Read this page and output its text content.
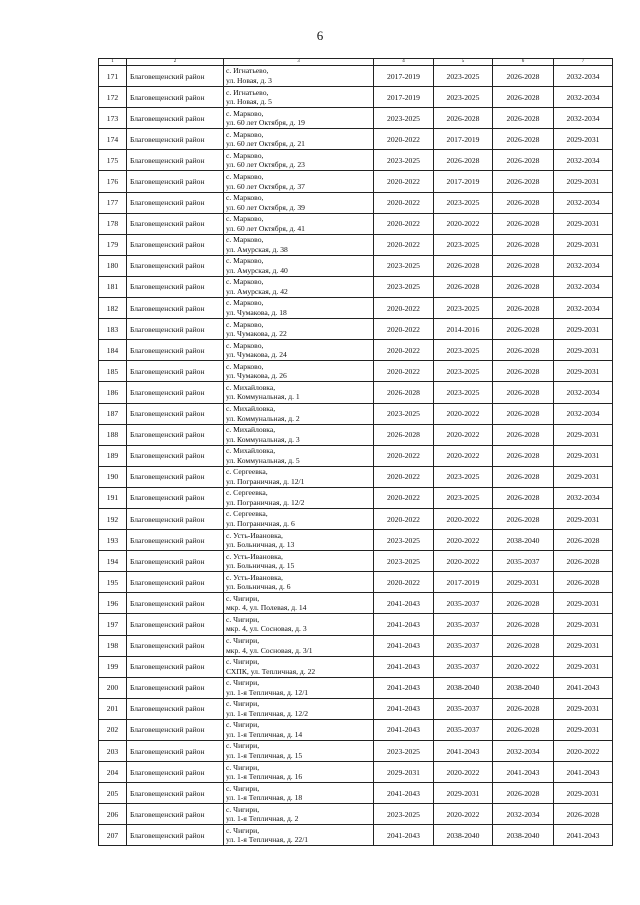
6
1	2	3	4	5	6	7
171	Благовещенский район	с. Игнатьево,
ул. Новая, д. 3	2017-2019	2023-2025	2026-2028	2032-2034
172	Благовещенский район	с. Игнатьево,
ул. Новая, д. 5	2017-2019	2023-2025	2026-2028	2032-2034
173	Благовещенский район	с. Марково,
ул. 60 лет Октября, д. 19	2023-2025	2026-2028	2026-2028	2032-2034
174	Благовещенский район	с. Марково,
ул. 60 лет Октября, д. 21	2020-2022	2017-2019	2026-2028	2029-2031
175	Благовещенский район	с. Марково,
ул. 60 лет Октября, д. 23	2023-2025	2026-2028	2026-2028	2032-2034
176	Благовещенский район	с. Марково,
ул. 60 лет Октября, д. 37	2020-2022	2017-2019	2026-2028	2029-2031
177	Благовещенский район	с. Марково,
ул. 60 лет Октября, д. 39	2020-2022	2023-2025	2026-2028	2032-2034
178	Благовещенский район	с. Марково,
ул. 60 лет Октября, д. 41	2020-2022	2020-2022	2026-2028	2029-2031
179	Благовещенский район	с. Марково,
ул. Амурская, д. 38	2020-2022	2023-2025	2026-2028	2029-2031
180	Благовещенский район	с. Марково,
ул. Амурская, д. 40	2023-2025	2026-2028	2026-2028	2032-2034
181	Благовещенский район	с. Марково,
ул. Амурская, д. 42	2023-2025	2026-2028	2026-2028	2032-2034
182	Благовещенский район	с. Марково,
ул. Чумакова, д. 18	2020-2022	2023-2025	2026-2028	2032-2034
183	Благовещенский район	с. Марково,
ул. Чумакова, д. 22	2020-2022	2014-2016	2026-2028	2029-2031
184	Благовещенский район	с. Марково,
ул. Чумакова, д. 24	2020-2022	2023-2025	2026-2028	2029-2031
185	Благовещенский район	с. Марково,
ул. Чумакова, д. 26	2020-2022	2023-2025	2026-2028	2029-2031
186	Благовещенский район	с. Михайловка,
ул. Коммунальная, д. 1	2026-2028	2023-2025	2026-2028	2032-2034
187	Благовещенский район	с. Михайловка,
ул. Коммунальная, д. 2	2023-2025	2020-2022	2026-2028	2032-2034
188	Благовещенский район	с. Михайловка,
ул. Коммунальная, д. 3	2026-2028	2020-2022	2026-2028	2029-2031
189	Благовещенский район	с. Михайловка,
ул. Коммунальная, д. 5	2020-2022	2020-2022	2026-2028	2029-2031
190	Благовещенский район	с. Сергеевка,
ул. Пограничная, д. 12/1	2020-2022	2023-2025	2026-2028	2029-2031
191	Благовещенский район	с. Сергеевка,
ул. Пограничная, д. 12/2	2020-2022	2023-2025	2026-2028	2032-2034
192	Благовещенский район	с. Сергеевка,
ул. Пограничная, д. 6	2020-2022	2020-2022	2026-2028	2029-2031
193	Благовещенский район	с. Усть-Ивановка,
ул. Больничная, д. 13	2023-2025	2020-2022	2038-2040	2026-2028
194	Благовещенский район	с. Усть-Ивановка,
ул. Больничная, д. 15	2023-2025	2020-2022	2035-2037	2026-2028
195	Благовещенский район	с. Усть-Ивановка,
ул. Больничная, д. 6	2020-2022	2017-2019	2029-2031	2026-2028
196	Благовещенский район	с. Чигири,
мкр. 4, ул. Полевая, д. 14	2041-2043	2035-2037	2026-2028	2029-2031
197	Благовещенский район	с. Чигири,
мкр. 4, ул. Сосновая, д. 3	2041-2043	2035-2037	2026-2028	2029-2031
198	Благовещенский район	с. Чигири,
мкр. 4, ул. Сосновая, д. 3/1	2041-2043	2035-2037	2026-2028	2029-2031
199	Благовещенский район	с. Чигири,
СХПК, ул. Тепличная, д. 22	2041-2043	2035-2037	2020-2022	2029-2031
200	Благовещенский район	с. Чигири,
ул. 1-я Тепличная, д. 12/1	2041-2043	2038-2040	2038-2040	2041-2043
201	Благовещенский район	с. Чигири,
ул. 1-я Тепличная, д. 12/2	2041-2043	2035-2037	2026-2028	2029-2031
202	Благовещенский район	с. Чигири,
ул. 1-я Тепличная, д. 14	2041-2043	2035-2037	2026-2028	2029-2031
203	Благовещенский район	с. Чигири,
ул. 1-я Тепличная, д. 15	2023-2025	2041-2043	2032-2034	2020-2022
204	Благовещенский район	с. Чигири,
ул. 1-я Тепличная, д. 16	2029-2031	2020-2022	2041-2043	2041-2043
205	Благовещенский район	с. Чигири,
ул. 1-я Тепличная, д. 18	2041-2043	2029-2031	2026-2028	2029-2031
206	Благовещенский район	с. Чигири,
ул. 1-я Тепличная, д. 2	2023-2025	2020-2022	2032-2034	2026-2028
207	Благовещенский район	с. Чигири,
ул. 1-я Тепличная, д. 22/1	2041-2043	2038-2040	2038-2040	2041-2043
